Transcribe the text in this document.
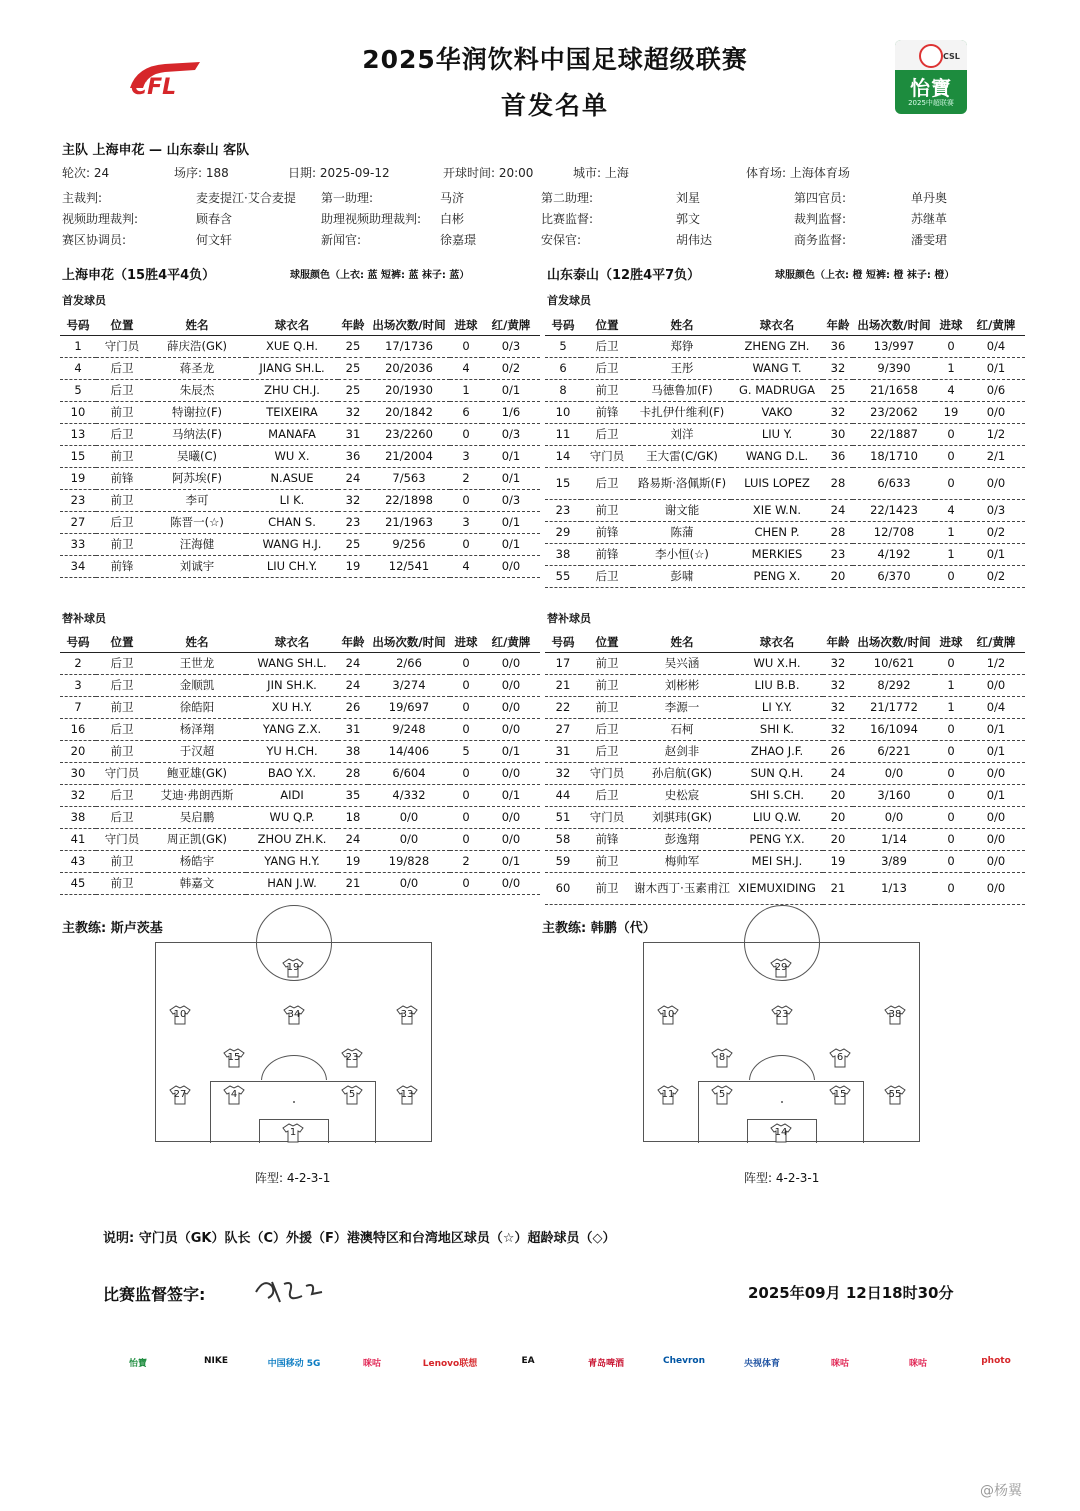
CFL
2025华润饮料中国足球超级联赛
首发名单
CSL
怡寶
2025中超联赛
主队 上海申花 — 山东泰山 客队
轮次: 24	场序: 188	日期: 2025-09-12	开球时间: 20:00	城市: 上海	体育场: 上海体育场
主裁判:	麦麦提江·艾合麦提 第一助理:	马济	第二助理:	刘星	第四官员:	单丹奥
视频助理裁判:	顾春含	助理视频助理裁判: 白彬	比赛监督:	郭文	裁判监督:	苏继革
赛区协调员:	何文轩	新闻官:	徐嘉璟	安保官:	胡伟达	商务监督:	潘雯珺
上海申花（15胜4平4负）	球服颜色（上衣: 蓝 短裤: 蓝 袜子: 蓝）	山东泰山（12胜4平7负）	球服颜色（上衣: 橙 短裤: 橙 袜子: 橙）
首发球员	首发球员
号码	位置	姓名	球衣名	年龄	出场次数/时间	进球	红/黄牌
1	守门员	薛庆浩(GK)	XUE Q.H.	25	17/1736	0	0/3
4	后卫	蒋圣龙	JIANG SH.L.	25	20/2036	4	0/2
5	后卫	朱辰杰	ZHU CH.J.	25	20/1930	1	0/1
10	前卫	特谢拉(F)	TEIXEIRA	32	20/1842	6	1/6
13	后卫	马纳法(F)	MANAFA	31	23/2260	0	0/3
15	前卫	吴曦(C)	WU X.	36	21/2004	3	0/1
19	前锋	阿苏埃(F)	N.ASUE	24	7/563	2	0/1
23	前卫	李可	LI K.	32	22/1898	0	0/3
27	后卫	陈晋一(☆)	CHAN S.	23	21/1963	3	0/1
33	前卫	汪海健	WANG H.J.	25	9/256	0	0/1
34	前锋	刘诚宇	LIU CH.Y.	19	12/541	4	0/0
号码	位置	姓名	球衣名	年龄	出场次数/时间	进球	红/黄牌
5	后卫	郑铮	ZHENG ZH.	36	13/997	0	0/4
6	后卫	王彤	WANG T.	32	9/390	1	0/1
8	前卫	马德鲁加(F)	G. MADRUGA	25	21/1658	4	0/6
10	前锋	卡扎伊什维利(F)	VAKO	32	23/2062	19	0/0
11	后卫	刘洋	LIU Y.	30	22/1887	0	1/2
14	守门员	王大雷(C/GK)	WANG D.L.	36	18/1710	0	2/1
15	后卫	路易斯·洛佩斯(F)	LUIS LOPEZ	28	6/633	0	0/0
23	前卫	谢文能	XIE W.N.	24	22/1423	4	0/3
29	前锋	陈蒲	CHEN P.	28	12/708	1	0/2
38	前锋	李小恒(☆)	MERKIES	23	4/192	1	0/1
55	后卫	彭啸	PENG X.	20	6/370	0	0/2
替补球员	替补球员
号码	位置	姓名	球衣名	年龄	出场次数/时间	进球	红/黄牌
2	后卫	王世龙	WANG SH.L.	24	2/66	0	0/0
3	后卫	金顺凯	JIN SH.K.	24	3/274	0	0/0
7	前卫	徐皓阳	XU H.Y.	26	19/697	0	0/0
16	后卫	杨泽翔	YANG Z.X.	31	9/248	0	0/0
20	前卫	于汉超	YU H.CH.	38	14/406	5	0/1
30	守门员	鲍亚雄(GK)	BAO Y.X.	28	6/604	0	0/0
32	后卫	艾迪·弗朗西斯	AIDI	35	4/332	0	0/1
38	后卫	吴启鹏	WU Q.P.	18	0/0	0	0/0
41	守门员	周正凯(GK)	ZHOU ZH.K.	24	0/0	0	0/0
43	前卫	杨皓宇	YANG H.Y.	19	19/828	2	0/1
45	前卫	韩嘉文	HAN J.W.	21	0/0	0	0/0
号码	位置	姓名	球衣名	年龄	出场次数/时间	进球	红/黄牌
17	前卫	吴兴涵	WU X.H.	32	10/621	0	1/2
21	前卫	刘彬彬	LIU B.B.	32	8/292	1	0/0
22	前卫	李源一	LI Y.Y.	32	21/1772	1	0/4
27	后卫	石柯	SHI K.	32	16/1094	0	0/1
31	后卫	赵剑非	ZHAO J.F.	26	6/221	0	0/1
32	守门员	孙启航(GK)	SUN Q.H.	24	0/0	0	0/0
44	后卫	史松宸	SHI S.CH.	20	3/160	0	0/1
51	守门员	刘骐玮(GK)	LIU Q.W.	20	0/0	0	0/0
58	前锋	彭逸翔	PENG Y.X.	20	1/14	0	0/0
59	前卫	梅帅军	MEI SH.J.	19	3/89	0	0/0
60	前卫	谢木西丁·玉素甫江	XIEMUXIDING	21	1/13	0	0/0
主教练: 斯卢茨基	主教练: 韩鹏（代）
19
10	34	33
15	23
27	4	5	13
1
29
10	23	38
8	6
11	5	15	55
14
阵型: 4-2-3-1	阵型: 4-2-3-1
说明: 守门员（GK）队长（C）外援（F）港澳特区和台湾地区球员（☆）超龄球员（◇）
比赛监督签字:	2025年09月 12日18时30分
怡寶	NIKE	中国移动 5G	咪咕	Lenovo联想	EA	青岛啤酒	Chevron	央视体育	咪咕	咪咕	photo
@杨翼
